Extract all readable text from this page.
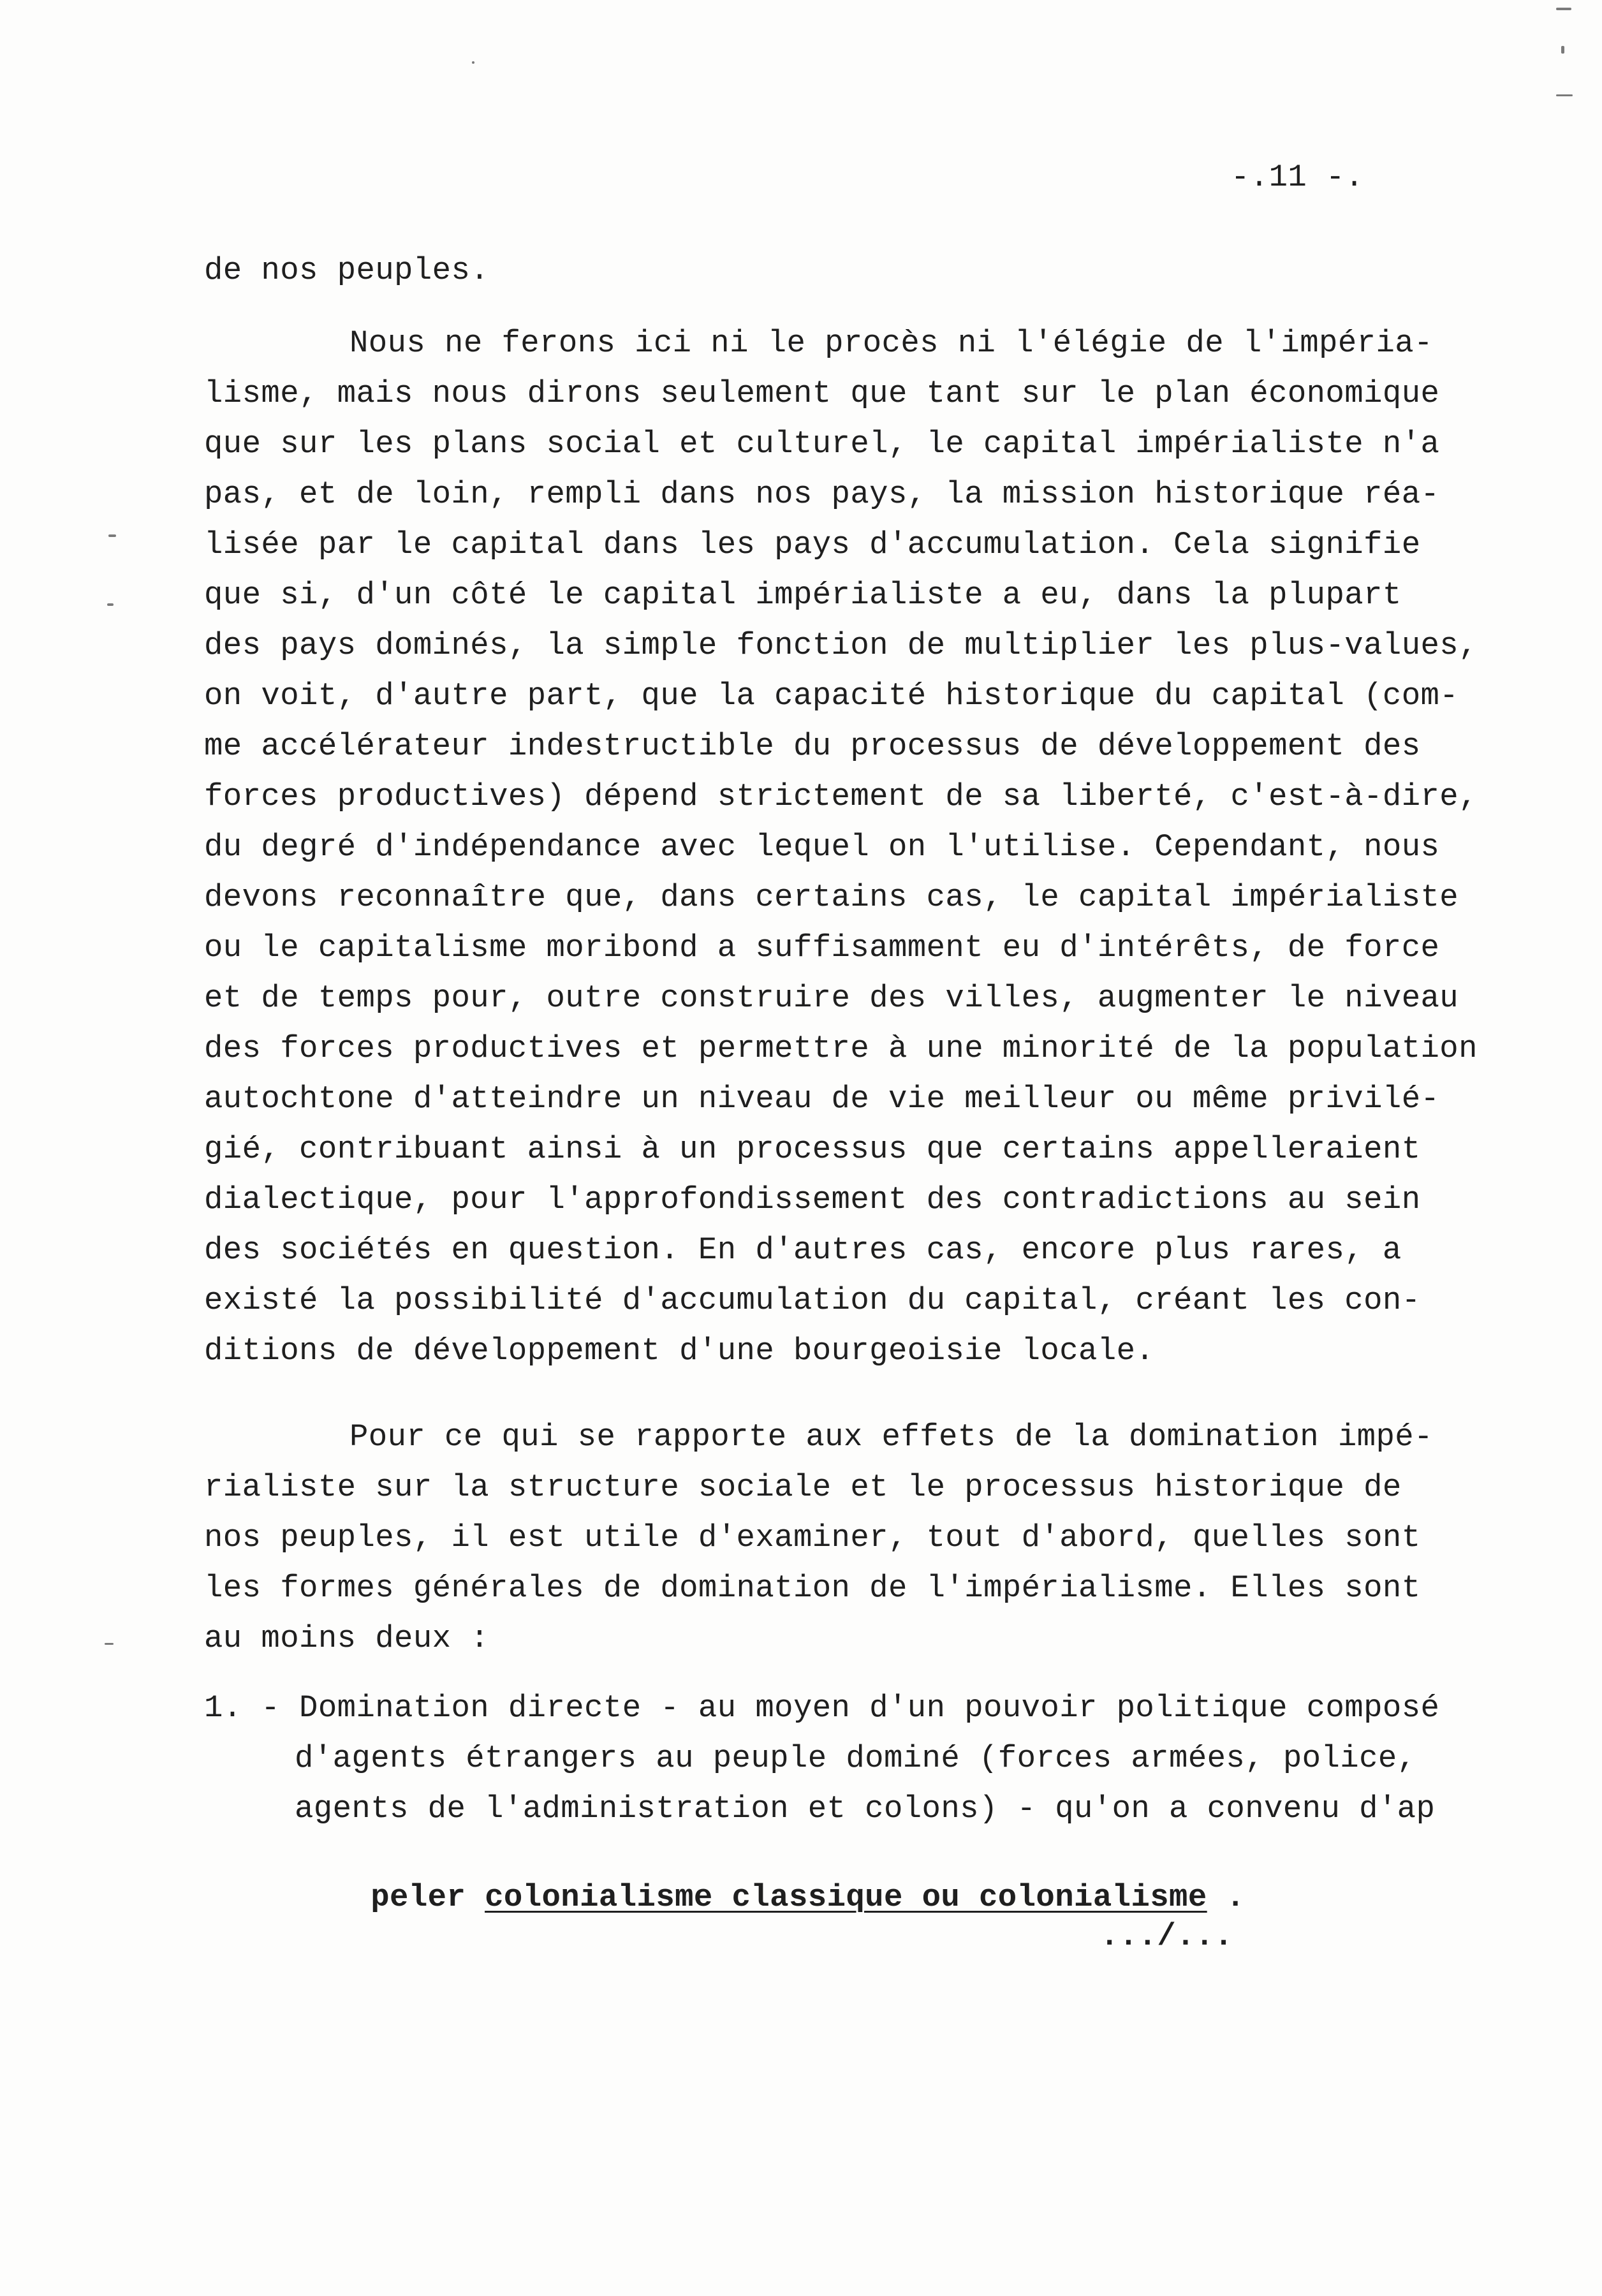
-.11 -.
de nos peuples.
Nous ne ferons ici ni le procès ni l'élégie de l'impéria-
lisme, mais nous dirons seulement que tant sur le plan économique
que sur les plans social et culturel, le capital impérialiste n'a
pas, et de loin, rempli dans nos pays, la mission historique réa-
lisée par le capital dans les pays d'accumulation. Cela signifie
que si, d'un côté le capital impérialiste a eu, dans la plupart
des pays dominés, la simple fonction de multiplier les plus-values,
on voit, d'autre part, que la capacité historique du capital (com-
me accélérateur indestructible du processus de développement des
forces productives) dépend strictement de sa liberté, c'est-à-dire,
du degré d'indépendance avec lequel on l'utilise. Cependant, nous
devons reconnaître que, dans certains cas, le capital impérialiste
ou le capitalisme moribond a suffisamment eu d'intérêts, de force
et de temps pour, outre construire des villes, augmenter le niveau
des forces productives et permettre à une minorité de la population
autochtone d'atteindre un niveau de vie meilleur ou même privilé-
gié, contribuant ainsi à un processus que certains appelleraient
dialectique, pour l'approfondissement des contradictions au sein
des sociétés en question. En d'autres cas, encore plus rares, a
existé la possibilité d'accumulation du capital, créant les con-
ditions de développement d'une bourgeoisie locale.
Pour ce qui se rapporte aux effets de la domination impé-
rialiste sur la structure sociale et le processus historique de
nos peuples, il est utile d'examiner, tout d'abord, quelles sont
les formes générales de domination de l'impérialisme. Elles sont
au moins deux :
1. - Domination directe - au moyen d'un pouvoir politique composé
d'agents étrangers au peuple dominé (forces armées, police,
agents de l'administration et colons) - qu'on a convenu d'ap

peler colonialisme classique ou colonialisme .

.../...
